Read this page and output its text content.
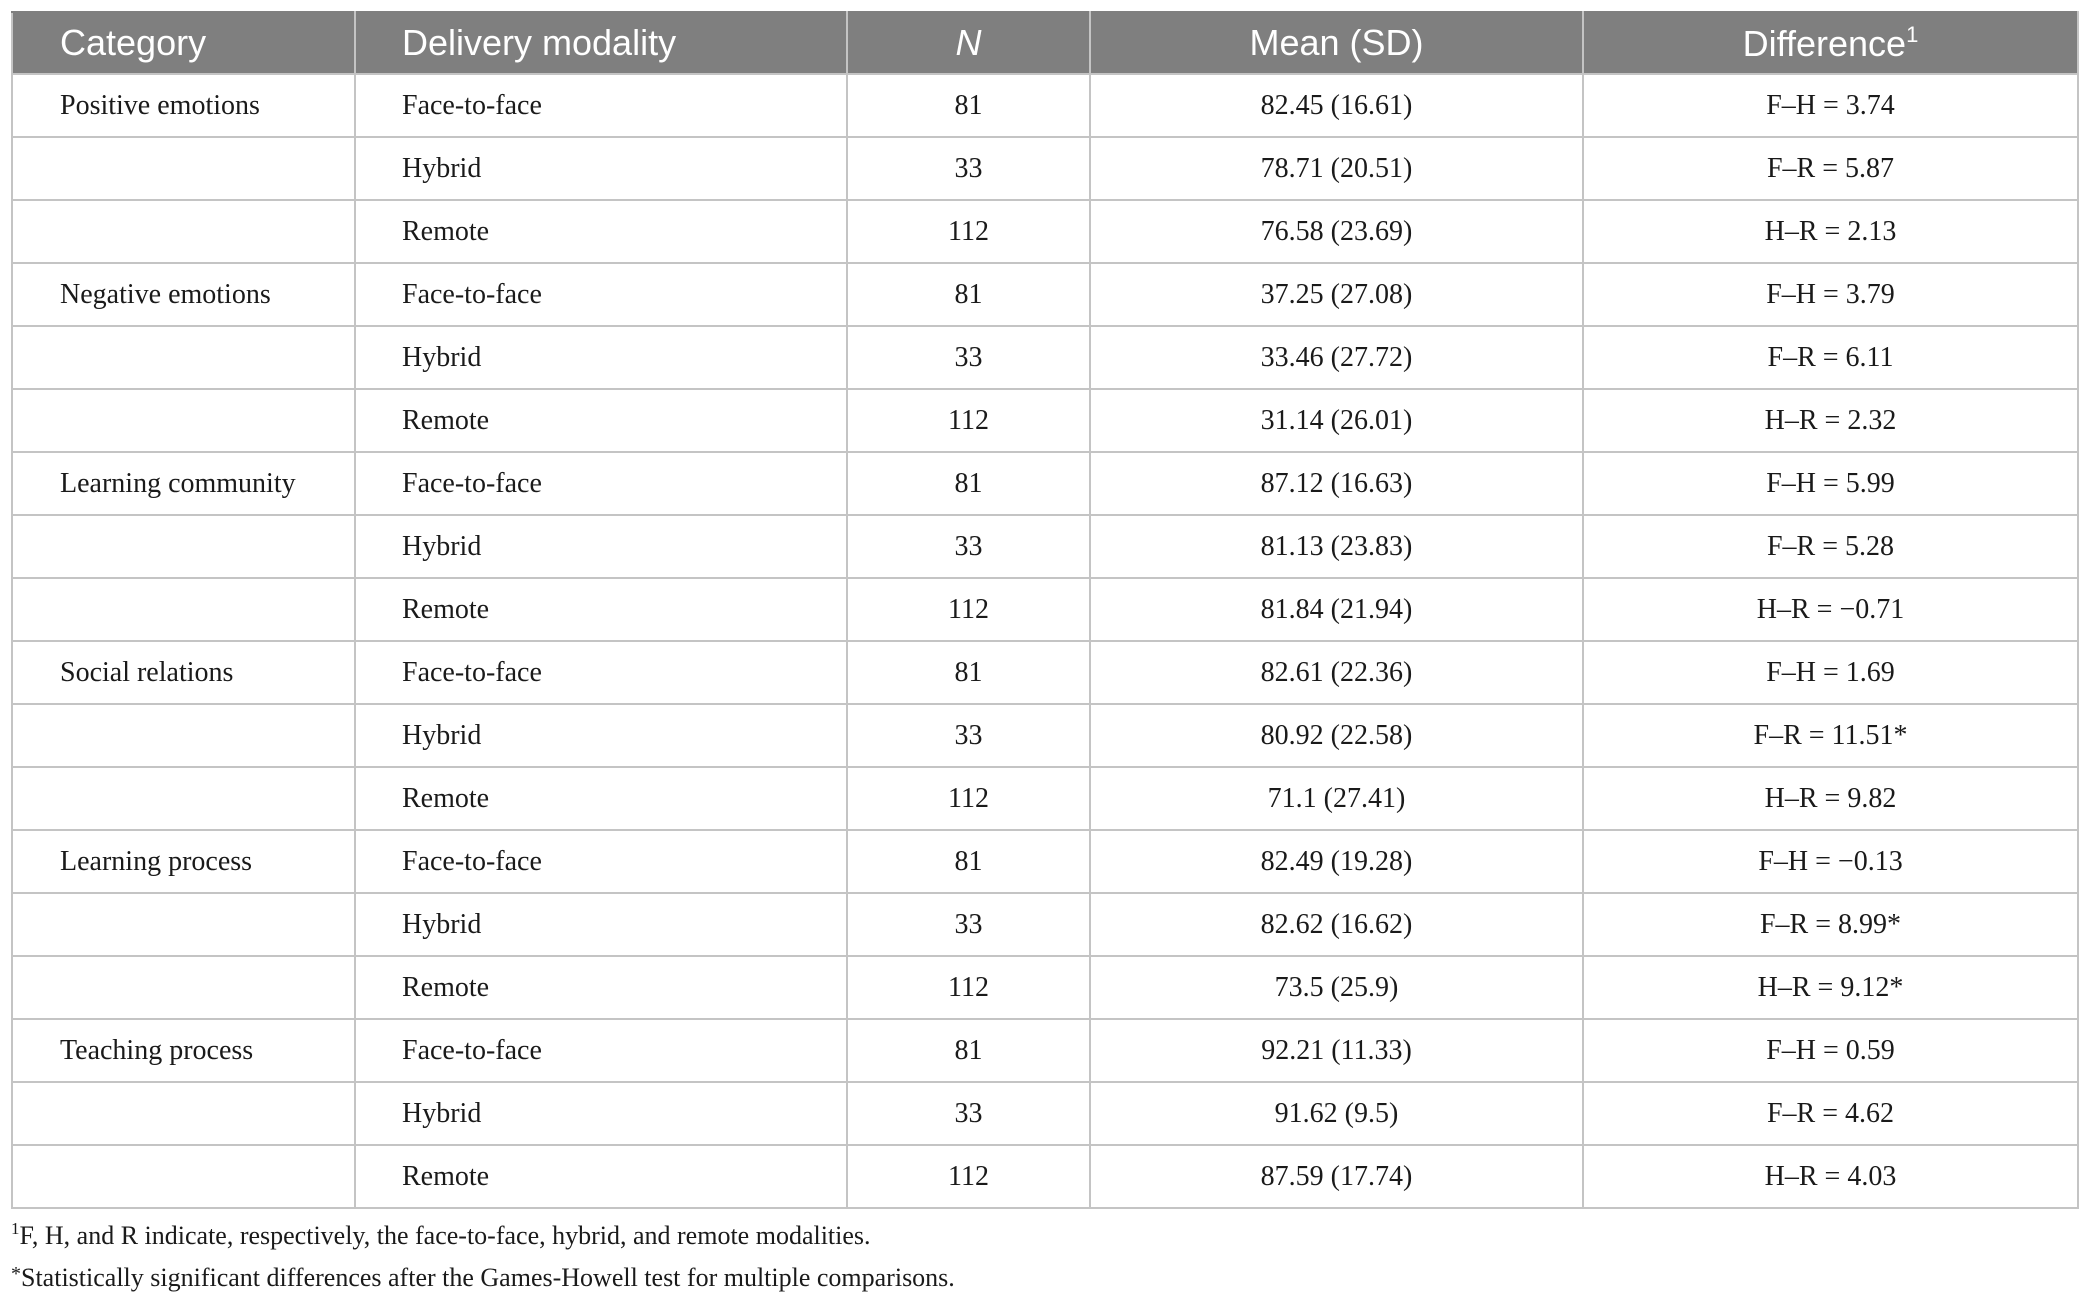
Category	Delivery modality	N	Mean (SD)	Difference$^1$
Positive emotions	Face-to-face	81	82.45 (16.61)	F–H = 3.74
	Hybrid	33	78.71 (20.51)	F–R = 5.87
	Remote	112	76.58 (23.69)	H–R = 2.13
Negative emotions	Face-to-face	81	37.25 (27.08)	F–H = 3.79
	Hybrid	33	33.46 (27.72)	F–R = 6.11
	Remote	112	31.14 (26.01)	H–R = 2.32
Learning community	Face-to-face	81	87.12 (16.63)	F–H = 5.99
	Hybrid	33	81.13 (23.83)	F–R = 5.28
	Remote	112	81.84 (21.94)	H–R = −0.71
Social relations	Face-to-face	81	82.61 (22.36)	F–H = 1.69
	Hybrid	33	80.92 (22.58)	F–R = 11.51*
	Remote	112	71.1 (27.41)	H–R = 9.82
Learning process	Face-to-face	81	82.49 (19.28)	F–H = −0.13
	Hybrid	33	82.62 (16.62)	F–R = 8.99*
	Remote	112	73.5 (25.9)	H–R = 9.12*
Teaching process	Face-to-face	81	92.21 (11.33)	F–H = 0.59
	Hybrid	33	91.62 (9.5)	F–R = 4.62
	Remote	112	87.59 (17.74)	H–R = 4.03
$^1$F, H, and R indicate, respectively, the face-to-face, hybrid, and remote modalities.
*Statistically significant differences after the Games-Howell test for multiple comparisons.
